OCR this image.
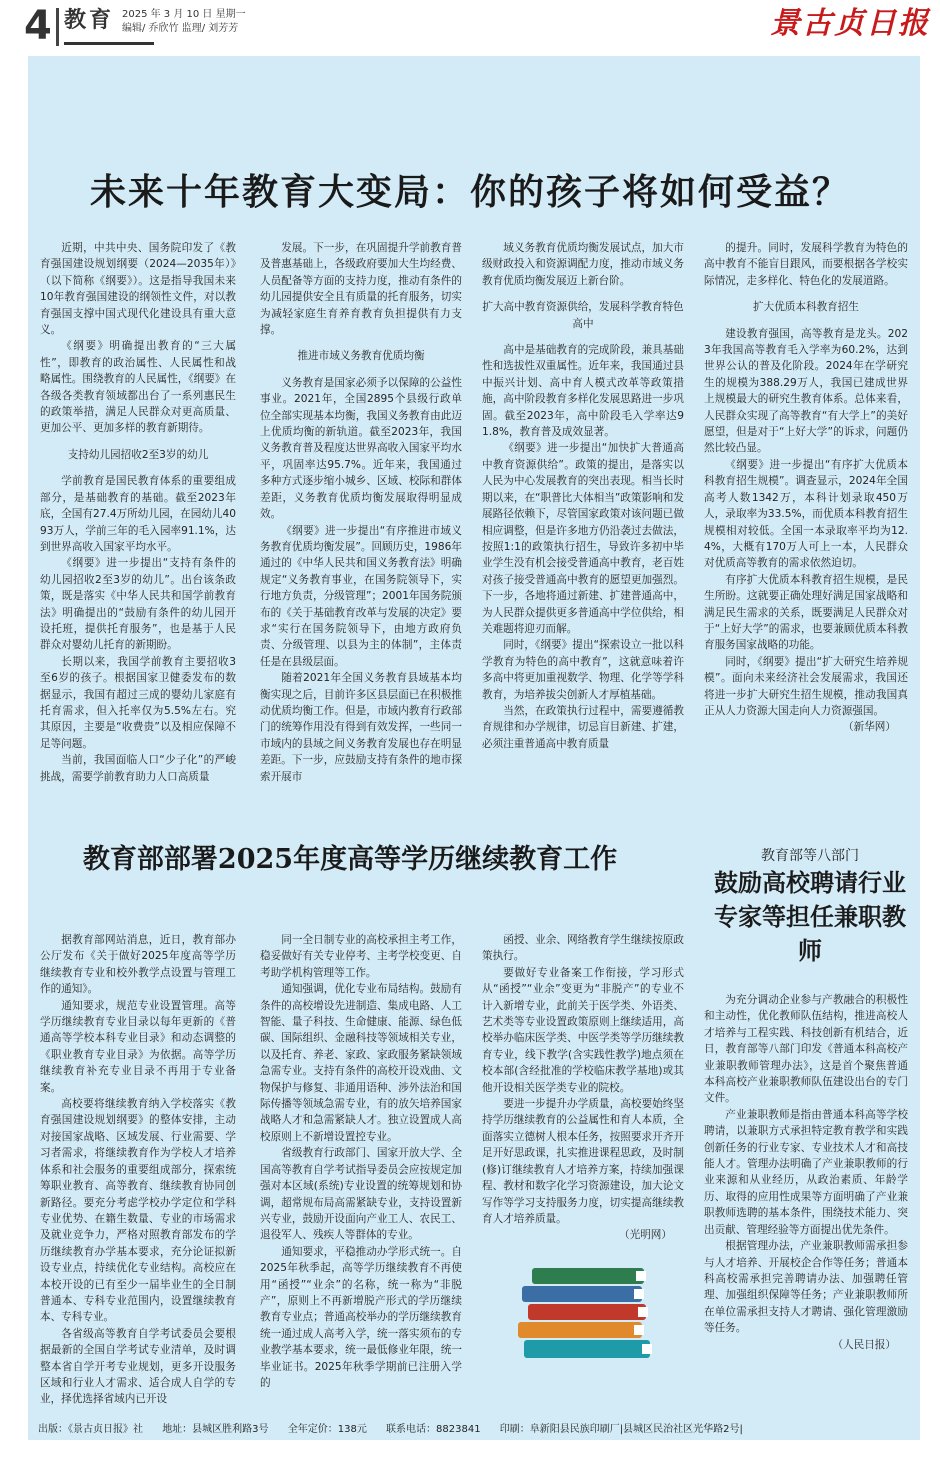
4 教育 2025 年 3 月 10 日 星期一
编辑/ 乔欣竹 监理/ 刘芳芳	景古贞日报
未来十年教育大变局：你的孩子将如何受益？

近期，中共中央、国务院印发了《教育强国建设规划纲要（2024—2035年）》（以下简称《纲要》）。这是指导我国未来10年教育强国建设的纲领性文件，对以教育强国支撑中国式现代化建设具有重大意义。

《纲要》明确提出教育的“三大属性”，即教育的政治属性、人民属性和战略属性。围绕教育的人民属性，《纲要》在各级各类教育领域都出台了一系列惠民生的政策举措，满足人民群众对更高质量、更加公平、更加多样的教育新期待。

支持幼儿园招收2至3岁的幼儿

学前教育是国民教育体系的重要组成部分，是基础教育的基础。截至2023年底，全国有27.4万所幼儿园，在园幼儿4093万人，学前三年的毛入园率91.1%，达到世界高收入国家平均水平。

《纲要》进一步提出“支持有条件的幼儿园招收2至3岁的幼儿”。出台该条政策，既是落实《中华人民共和国学前教育法》明确提出的“鼓励有条件的幼儿园开设托班，提供托育服务”，也是基于人民群众对婴幼儿托育的新期盼。

长期以来，我国学前教育主要招收3至6岁的孩子。根据国家卫健委发布的数据显示，我国有超过三成的婴幼儿家庭有托育需求，但入托率仅为5.5%左右。究其原因，主要是“收费贵”以及相应保障不足等问题。

当前，我国面临人口“少子化”的严峻挑战，需要学前教育助力人口高质量

发展。下一步，在巩固提升学前教育普及普惠基础上，各级政府要加大生均经费、人员配备等方面的支持力度，推动有条件的幼儿园提供安全且有质量的托育服务，切实为减轻家庭生育养育教育负担提供有力支撑。

推进市域义务教育优质均衡

义务教育是国家必须予以保障的公益性事业。2021年，全国2895个县级行政单位全部实现基本均衡，我国义务教育由此迈上优质均衡的新轨道。截至2023年，我国义务教育普及程度达世界高收入国家平均水平，巩固率达95.7%。近年来，我国通过多种方式逐步缩小城乡、区域、校际和群体差距，义务教育优质均衡发展取得明显成效。

《纲要》进一步提出“有序推进市域义务教育优质均衡发展”。回顾历史，1986年通过的《中华人民共和国义务教育法》明确规定“义务教育事业，在国务院领导下，实行地方负责，分级管理”；2001年国务院颁布的《关于基础教育改革与发展的决定》要求“实行在国务院领导下，由地方政府负责、分级管理、以县为主的体制”，主体责任是在县级层面。

随着2021年全国义务教育县域基本均衡实现之后，目前许多区县层面已在积极推动优质均衡工作。但是，市域内教育行政部门的统筹作用没有得到有效发挥，一些同一市域内的县域之间义务教育发展也存在明显差距。下一步，应鼓励支持有条件的地市探索开展市

域义务教育优质均衡发展试点，加大市级财政投入和资源调配力度，推动市域义务教育优质均衡发展迈上新台阶。

扩大高中教育资源供给，发展科学教育特色高中

高中是基础教育的完成阶段，兼具基础性和选拔性双重属性。近年来，我国通过县中振兴计划、高中育人模式改革等政策措施，高中阶段教育多样化发展思路进一步巩固。截至2023年，高中阶段毛入学率达91.8%，教育普及成效显著。

《纲要》进一步提出“加快扩大普通高中教育资源供给”。政策的提出，是落实以人民为中心发展教育的突出表现。相当长时期以来，在“职普比大体相当”政策影响和发展路径依赖下，尽管国家政策对该问题已做相应调整，但是许多地方仍沿袭过去做法，按照1:1的政策执行招生，导致许多初中毕业学生没有机会接受普通高中教育，老百姓对孩子接受普通高中教育的愿望更加强烈。下一步，各地将通过新建、扩建普通高中，为人民群众提供更多普通高中学位供给，相关难题将迎刃而解。

同时，《纲要》提出“探索设立一批以科学教育为特色的高中教育”，这就意味着许多高中将更加重视数学、物理、化学等学科教育，为培养拔尖创新人才厚植基础。

当然，在政策执行过程中，需要遵循教育规律和办学规律，切忌盲目新建、扩建，必须注重普通高中教育质量

的提升。同时，发展科学教育为特色的高中教育不能盲目跟风，而要根据各学校实际情况，走多样化、特色化的发展道路。

扩大优质本科教育招生

建设教育强国，高等教育是龙头。2023年我国高等教育毛入学率为60.2%，达到世界公认的普及化阶段。2024年在学研究生的规模为388.29万人，我国已建成世界上规模最大的研究生教育体系。总体来看，人民群众实现了高等教育“有大学上”的美好愿望，但是对于“上好大学”的诉求，问题仍然比较凸显。

《纲要》进一步提出“有序扩大优质本科教育招生规模”。调查显示，2024年全国高考人数1342万，本科计划录取450万人，录取率为33.5%，而优质本科教育招生规模相对较低。全国一本录取率平均为12.4%，大概有170万人可上一本，人民群众对优质高等教育的需求依然迫切。

有序扩大优质本科教育招生规模，是民生所盼。这就要正确处理好满足国家战略和满足民生需求的关系，既要满足人民群众对于“上好大学”的需求，也要兼顾优质本科教育服务国家战略的功能。

同时，《纲要》提出“扩大研究生培养规模”。面向未来经济社会发展需求，我国还将进一步扩大研究生招生规模，推动我国真正从人力资源大国走向人力资源强国。

（新华网）

教育部部署2025年度高等学历继续教育工作	教育部等八部门
鼓励高校聘请行业
专家等担任兼职教师

据教育部网站消息，近日，教育部办公厅发布《关于做好2025年度高等学历继续教育专业和校外教学点设置与管理工作的通知》。

通知要求，规范专业设置管理。高等学历继续教育专业目录以每年更新的《普通高等学校本科专业目录》和动态调整的《职业教育专业目录》为依据。高等学历继续教育补充专业目录不再用于专业备案。

高校要将继续教育纳入学校落实《教育强国建设规划纲要》的整体安排，主动对接国家战略、区域发展、行业需要、学习者需求，将继续教育作为学校人才培养体系和社会服务的重要组成部分，探索统筹职业教育、高等教育、继续教育协同创新路径。要充分考虑学校办学定位和学科专业优势、在籍生数量、专业的市场需求及就业竞争力，严格对照教育部发布的学历继续教育办学基本要求，充分论证拟新设专业点，持续优化专业结构。高校应在本校开设的已有至少一届毕业生的全日制普通本、专科专业范围内，设置继续教育本、专科专业。

各省级高等教育自学考试委员会要根据最新的全国自学考试专业清单，及时调整本省自学开考专业规划，更多开设服务区域和行业人才需求、适合成人自学的专业，择优选择省域内已开设

同一全日制专业的高校承担主考工作，稳妥做好有关专业停考、主考学校变更、自考助学机构管理等工作。

通知强调，优化专业布局结构。鼓励有条件的高校增设先进制造、集成电路、人工智能、量子科技、生命健康、能源、绿色低碳、国际组织、金融科技等领域相关专业，以及托育、养老、家政、家政服务紧缺领域急需专业。支持有条件的高校开设戏曲、文物保护与修复、非通用语种、涉外法治和国际传播等领域急需专业，有的放矢培养国家战略人才和急需紧缺人才。独立设置成人高校原则上不新增设置控专业。

省级教育行政部门、国家开放大学、全国高等教育自学考试指导委员会应按规定加强对本区域(系统)专业设置的统筹规划和协调，超常规布局高需紧缺专业，支持设置新兴专业，鼓励开设面向产业工人、农民工、退役军人、残疾人等群体的专业。

通知要求，平稳推动办学形式统一。自2025年秋季起，高等学历继续教育不再使用“函授”“业余”的名称，统一称为“非脱产”，原则上不再新增脱产形式的学历继续教育专业点；普通高校举办的学历继续教育统一通过成人高考入学，统一落实须布的专业教学基本要求，统一最低修业年限，统一毕业证书。2025年秋季学期前已注册入学的

函授、业余、网络教育学生继续按原政策执行。

要做好专业备案工作衔接，学习形式从“函授”“业余”变更为“非脱产”的专业不计入新增专业，此前关于医学类、外语类、艺术类等专业设置政策原则上继续适用，高校举办临床医学类、中医学类等学历继续教育专业，线下教学(含实践性教学)地点须在校本部(含经批准的学校临床教学基地)或其他开设相关医学类专业的院校。

要进一步提升办学质量，高校要始终坚持学历继续教育的公益属性和育人本质，全面落实立德树人根本任务，按照要求开齐开足开好思政课，扎实推进课程思政，及时制(修)订继续教育人才培养方案，持续加强课程、教材和数字化学习资源建设，加大论文写作等学习支持服务力度，切实提高继续教育人才培养质量。

（光明网）

为充分调动企业参与产教融合的积极性和主动性，优化教师队伍结构，推进高校人才培养与工程实践、科技创新有机结合，近日，教育部等八部门印发《普通本科高校产业兼职教师管理办法》，这是首个聚焦普通本科高校产业兼职教师队伍建设出台的专门文件。

产业兼职教师是指由普通本科高等学校聘请，以兼职方式承担特定教育教学和实践创新任务的行业专家、专业技术人才和高技能人才。管理办法明确了产业兼职教师的行业来源和从业经历，从政治素质、年龄学历、取得的应用性成果等方面明确了产业兼职教师选聘的基本条件，围绕技术能力、突出贡献、管理经验等方面提出优先条件。

根据管理办法，产业兼职教师需承担参与人才培养、开展校企合作等任务；普通本科高校需承担完善聘请办法、加强聘任管理、加强组织保障等任务；产业兼职教师所在单位需承担支持人才聘请、强化管理激励等任务。

（人民日报）

出版：《景古贞日报》社 地址：县城区胜利路3号 全年定价：138元 联系电话：8823841 印刷：阜新阳县民族印刷厂|县城区民治社区光华路2号|
